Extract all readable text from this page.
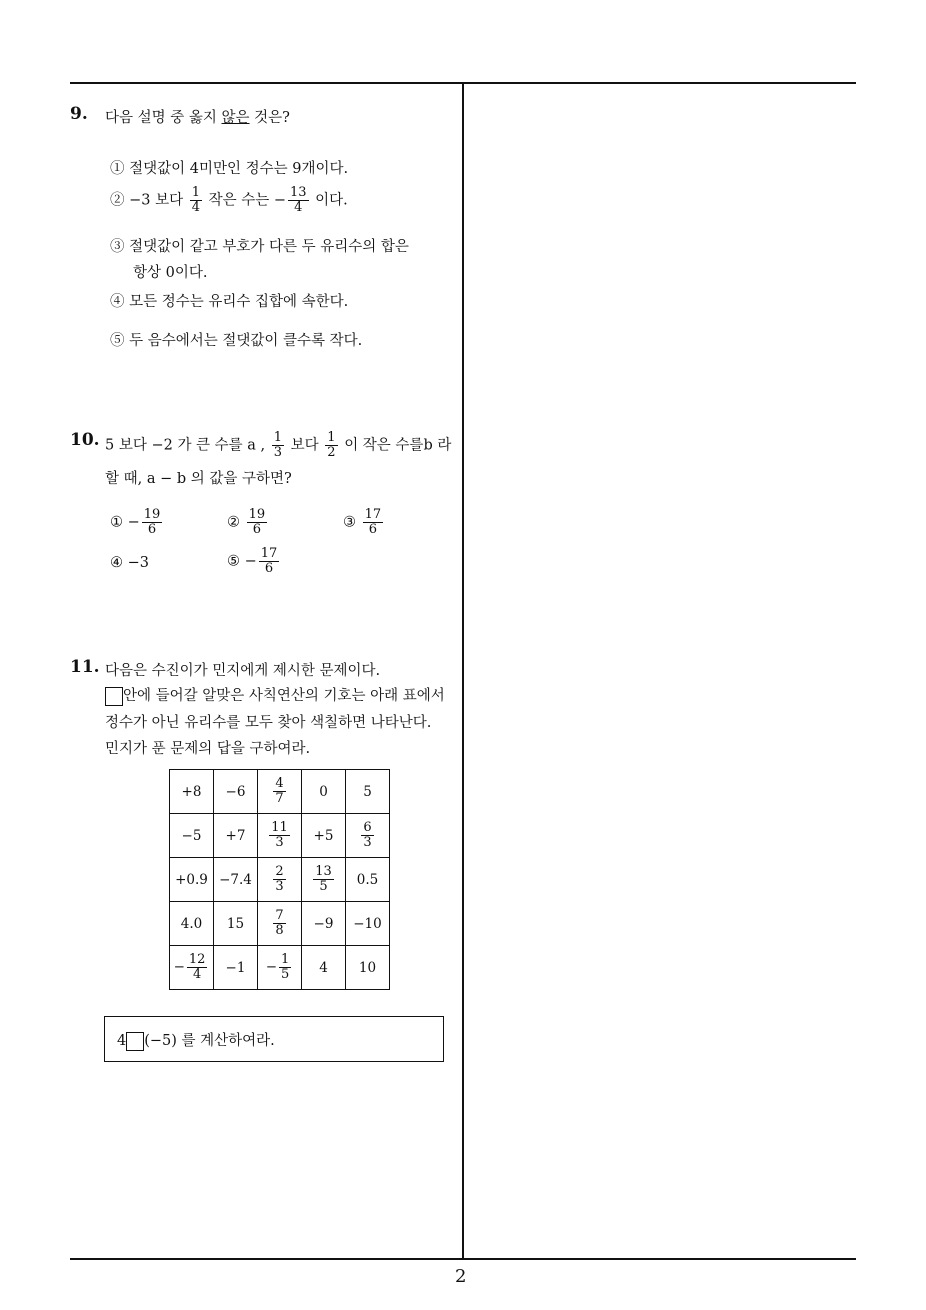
9. 다음 설명 중 옳지 않은 것은?
① 절댓값이 4미만인 정수는 9개이다.
② −3 보다 $\frac{1}{4}$ 작은 수는 − $\frac{13}{4}$ 이다.
③ 절댓값이 같고 부호가 다른 두 유리수의 합은
항상 0이다.
④ 모든 정수는 유리수 집합에 속한다.
⑤ 두 음수에서는 절댓값이 클수록 작다.
10. 5 보다 −2 가 큰 수를 a , $\frac{1}{3}$ 보다 $\frac{1}{2}$ 이 작은 수를b 라
할 때, a − b 의 값을 구하면?
① − $\frac{19}{6}$	② $\frac{19}{6}$	③ $\frac{17}{6}$
④ −3	⑤ − $\frac{17}{6}$
11. 다음은 수진이가 민지에게 제시한 문제이다.
안에 들어갈 알맞은 사칙연산의 기호는 아래 표에서
정수가 아닌 유리수를 모두 찾아 색칠하면 나타난다.
민지가 푼 문제의 답을 구하여라.
+8	−6	$\frac{4}{7}$	0	5
−5	+7	$\frac{11}{3}$	+5	$\frac{6}{3}$

+0.9	−7.4	$\frac{2}{3}$	$\frac{13}{5}$	0.5
4.0	15	$\frac{7}{8}$	−9	−10
− $\frac{12}{4}$	−1	− $\frac{1}{5}$	4	10
4 (−5) 를 계산하여라.
2
